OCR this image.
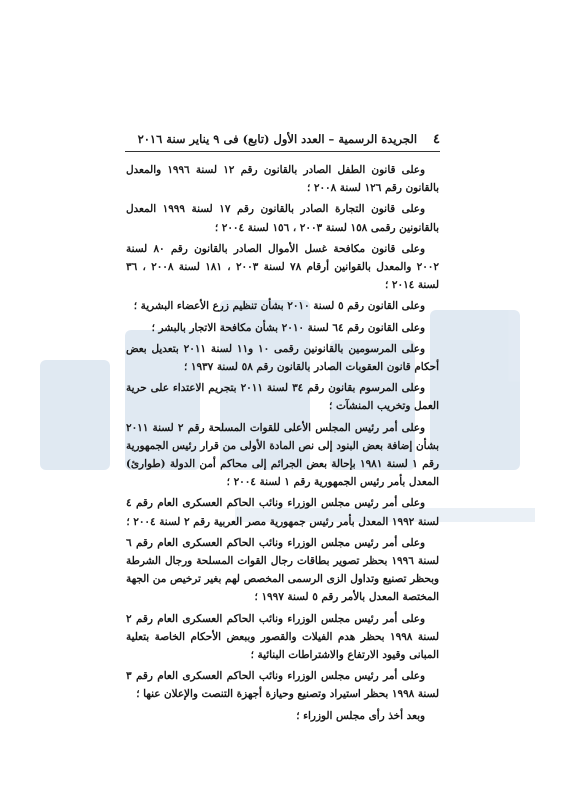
٤
الجريدة الرسمية – العدد الأول (تابع) فى ٩ يناير سنة ٢٠١٦

وعلى قانون الطفل الصادر بالقانون رقم ١٢ لسنة ١٩٩٦ والمعدل بالقانون رقم ١٢٦ لسنة ٢٠٠٨ ؛

وعلى قانون التجارة الصادر بالقانون رقم ١٧ لسنة ١٩٩٩ المعدل بالقانونين رقمى ١٥٨ لسنة ٢٠٠٣ ، ١٥٦ لسنة ٢٠٠٤ ؛

وعلى قانون مكافحة غسل الأموال الصادر بالقانون رقم ٨٠ لسنة ٢٠٠٢ والمعدل بالقوانين أرقام ٧٨ لسنة ٢٠٠٣ ، ١٨١ لسنة ٢٠٠٨ ، ٣٦ لسنة ٢٠١٤ ؛

وعلى القانون رقم ٥ لسنة ٢٠١٠ بشأن تنظيم زرع الأعضاء البشرية ؛

وعلى القانون رقم ٦٤ لسنة ٢٠١٠ بشأن مكافحة الاتجار بالبشر ؛

وعلى المرسومين بالقانونين رقمى ١٠ و١١ لسنة ٢٠١١ بتعديل بعض أحكام قانون العقوبات الصادر بالقانون رقم ٥٨ لسنة ١٩٣٧ ؛

وعلى المرسوم بقانون رقم ٣٤ لسنة ٢٠١١ بتجريم الاعتداء على حرية العمل وتخريب المنشآت ؛

وعلى أمر رئيس المجلس الأعلى للقوات المسلحة رقم ٢ لسنة ٢٠١١ بشأن إضافة بعض البنود إلى نص المادة الأولى من قرار رئيس الجمهورية رقم ١ لسنة ١٩٨١ بإحالة بعض الجرائم إلى محاكم أمن الدولة (طوارئ) المعدل بأمر رئيس الجمهورية رقم ١ لسنة ٢٠٠٤ ؛

وعلى أمر رئيس مجلس الوزراء ونائب الحاكم العسكرى العام رقم ٤ لسنة ١٩٩٢ المعدل بأمر رئيس جمهورية مصر العربية رقم ٢ لسنة ٢٠٠٤ ؛

وعلى أمر رئيس مجلس الوزراء ونائب الحاكم العسكرى العام رقم ٦ لسنة ١٩٩٦ بحظر تصوير بطاقات رجال القوات المسلحة ورجال الشرطة وبحظر تصنيع وتداول الزى الرسمى المخصص لهم بغير ترخيص من الجهة المختصة المعدل بالأمر رقم ٥ لسنة ١٩٩٧ ؛

وعلى أمر رئيس مجلس الوزراء ونائب الحاكم العسكرى العام رقم ٢ لسنة ١٩٩٨ بحظر هدم الفيلات والقصور وببعض الأحكام الخاصة بتعلية المبانى وقيود الارتفاع والاشتراطات البنائية ؛

وعلى أمر رئيس مجلس الوزراء ونائب الحاكم العسكرى العام رقم ٣ لسنة ١٩٩٨ بحظر استيراد وتصنيع وحيازة أجهزة التنصت والإعلان عنها ؛

وبعد أخذ رأى مجلس الوزراء ؛
